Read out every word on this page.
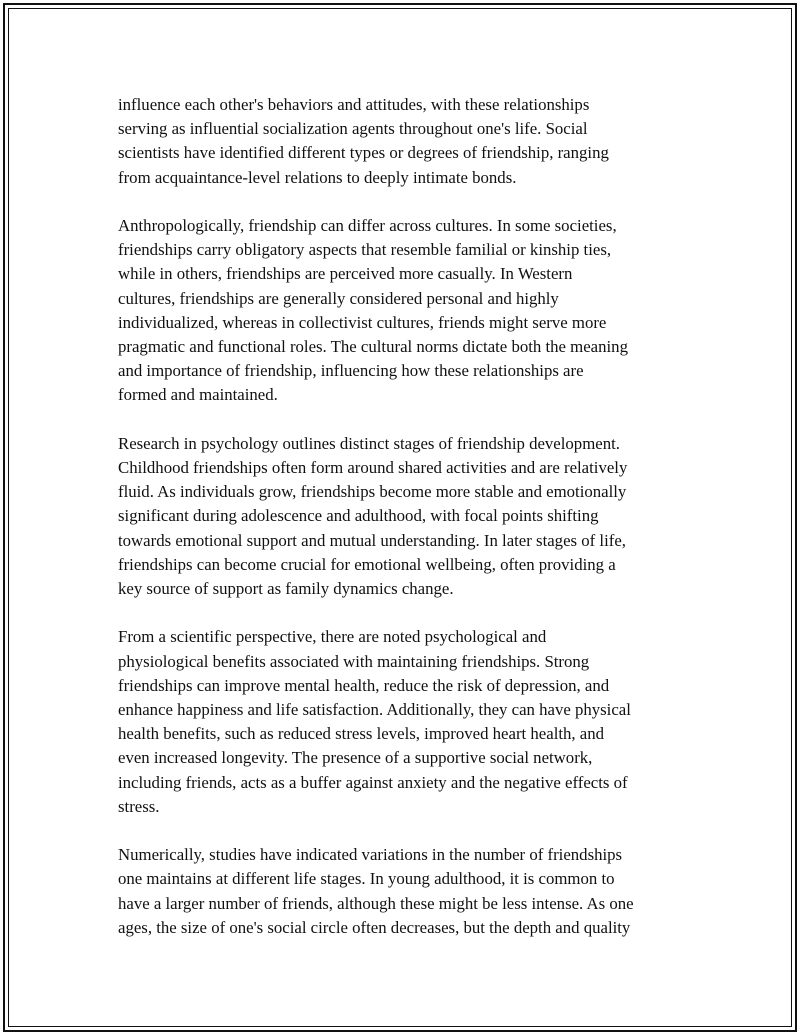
influence each other's behaviors and attitudes, with these relationships
serving as influential socialization agents throughout one's life. Social
scientists have identified different types or degrees of friendship, ranging
from acquaintance-level relations to deeply intimate bonds.

Anthropologically, friendship can differ across cultures. In some societies,
friendships carry obligatory aspects that resemble familial or kinship ties,
while in others, friendships are perceived more casually. In Western
cultures, friendships are generally considered personal and highly
individualized, whereas in collectivist cultures, friends might serve more
pragmatic and functional roles. The cultural norms dictate both the meaning
and importance of friendship, influencing how these relationships are
formed and maintained.

Research in psychology outlines distinct stages of friendship development.
Childhood friendships often form around shared activities and are relatively
fluid. As individuals grow, friendships become more stable and emotionally
significant during adolescence and adulthood, with focal points shifting
towards emotional support and mutual understanding. In later stages of life,
friendships can become crucial for emotional wellbeing, often providing a
key source of support as family dynamics change.

From a scientific perspective, there are noted psychological and
physiological benefits associated with maintaining friendships. Strong
friendships can improve mental health, reduce the risk of depression, and
enhance happiness and life satisfaction. Additionally, they can have physical
health benefits, such as reduced stress levels, improved heart health, and
even increased longevity. The presence of a supportive social network,
including friends, acts as a buffer against anxiety and the negative effects of
stress.

Numerically, studies have indicated variations in the number of friendships
one maintains at different life stages. In young adulthood, it is common to
have a larger number of friends, although these might be less intense. As one
ages, the size of one's social circle often decreases, but the depth and quality
